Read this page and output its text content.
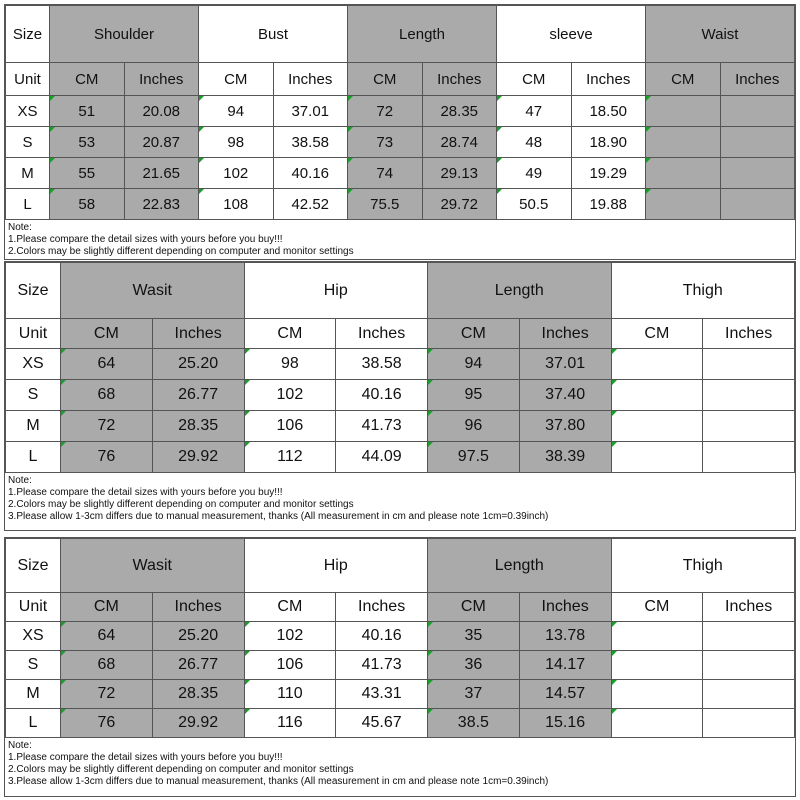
Size	Shoulder		Bust		Length		sleeve		Waist	
Unit	CM	Inches	CM	Inches	CM	Inches	CM	Inches	CM	Inches
XS	51	20.08	94	37.01	72	28.35	47	18.50		
S	53	20.87	98	38.58	73	28.74	48	18.90		
M	55	21.65	102	40.16	74	29.13	49	19.29		
L	58	22.83	108	42.52	75.5	29.72	50.5	19.88		
Note:
1.Please compare the detail sizes with yours before you buy!!!
2.Colors may be slightly different depending on computer and monitor settings
Size	Wasit		Hip		Length		Thigh	
Unit	CM	Inches	CM	Inches	CM	Inches	CM	Inches
XS	64	25.20	98	38.58	94	37.01		
S	68	26.77	102	40.16	95	37.40		
M	72	28.35	106	41.73	96	37.80		
L	76	29.92	112	44.09	97.5	38.39		
Note:
1.Please compare the detail sizes with yours before you buy!!!
2.Colors may be slightly different depending on computer and monitor settings
3.Please allow 1-3cm differs due to manual measurement, thanks (All measurement in cm and please note 1cm=0.39inch)
Size	Wasit		Hip		Length		Thigh	
Unit	CM	Inches	CM	Inches	CM	Inches	CM	Inches
XS	64	25.20	102	40.16	35	13.78		
S	68	26.77	106	41.73	36	14.17		
M	72	28.35	110	43.31	37	14.57		
L	76	29.92	116	45.67	38.5	15.16		
Note:
1.Please compare the detail sizes with yours before you buy!!!
2.Colors may be slightly different depending on computer and monitor settings
3.Please allow 1-3cm differs due to manual measurement, thanks (All measurement in cm and please note 1cm=0.39inch)
